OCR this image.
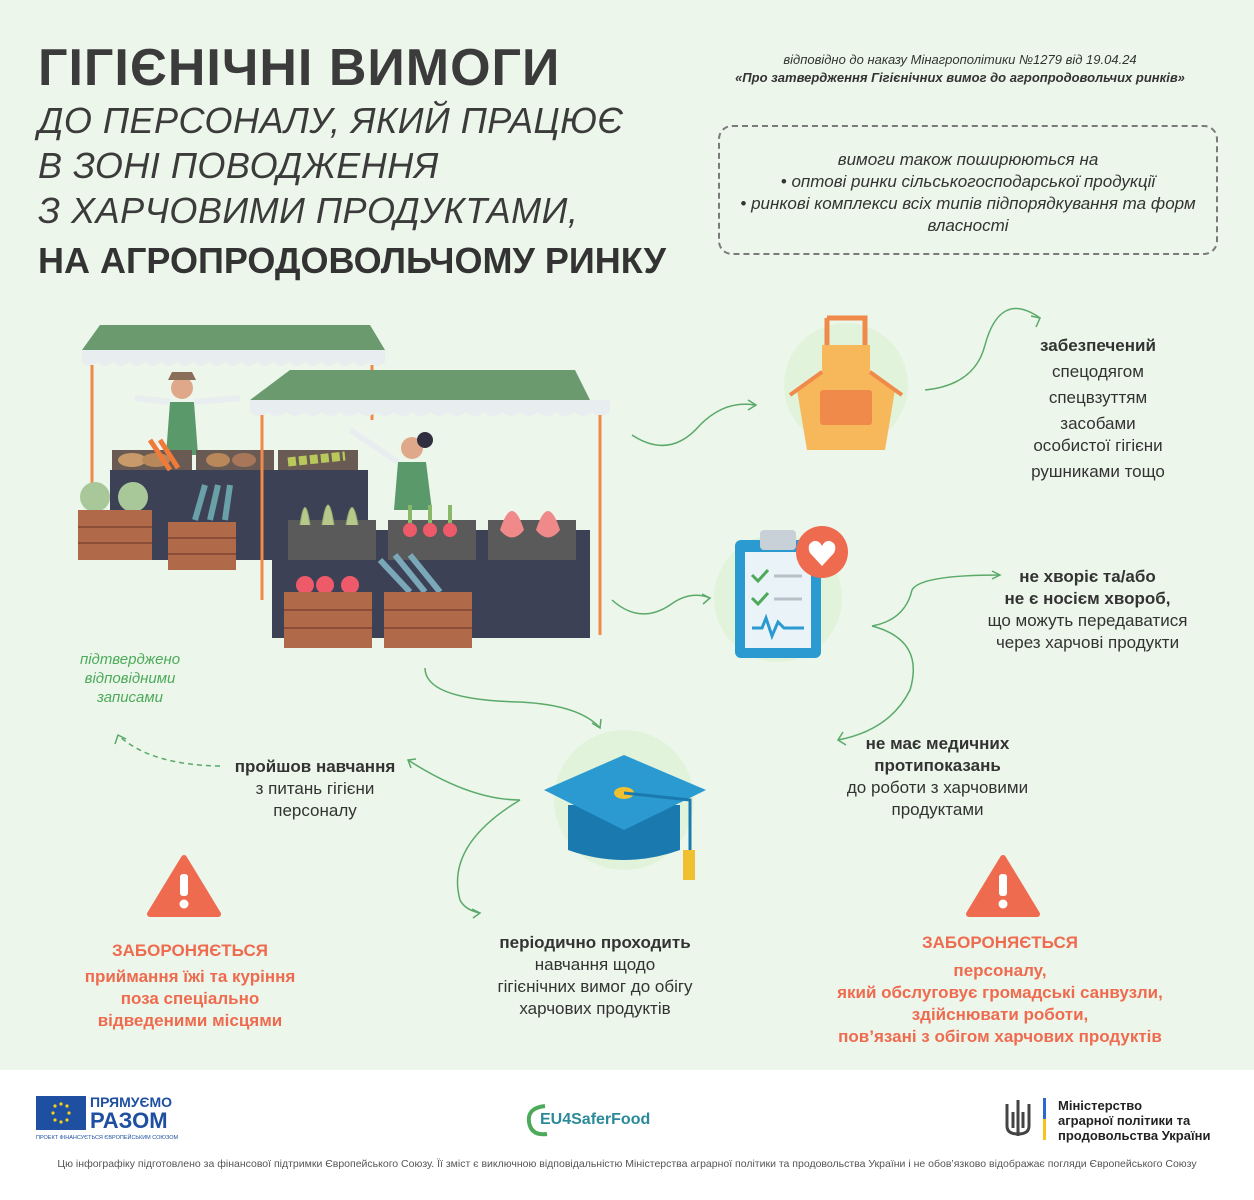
ГІГІЄНІЧНІ ВИМОГИ
ДО ПЕРСОНАЛУ, ЯКИЙ ПРАЦЮЄ
В ЗОНІ ПОВОДЖЕННЯ
З ХАРЧОВИМИ ПРОДУКТАМИ,
НА АГРОПРОДОВОЛЬЧОМУ РИНКУ
відповідно до наказу Мінагрополітики №1279 від 19.04.24
«Про затвердження Гігієнічних вимог до агропродовольчих ринків»
вимоги також поширюються на
• оптові ринки сільськогосподарської продукції
• ринкові комплекси всіх типів підпорядкування та форм власності
забезпечений
спецодягом
спецвзуттям
засобами особистої гігієни
рушниками тощо
не хворіє та/або
не є носієм хвороб,
що можуть передаватися
через харчові продукти
не має медичних
протипоказань
до роботи з харчовими
продуктами
пройшов навчання
з питань гігієни
персоналу
підтверджено
відповідними
записами
періодично проходить
навчання щодо
гігієнічних вимог до обігу
харчових продуктів
ЗАБОРОНЯЄТЬСЯ
приймання їжі та куріння
поза спеціально
відведеними місцями
ЗАБОРОНЯЄТЬСЯ
персоналу,
який обслуговує громадські санвузли,
здійснювати роботи,
пов’язані з обігом харчових продуктів
ПРЯМУЄМО
РАЗОМ
ПРОЕКТ ФІНАНСУЄТЬСЯ ЄВРОПЕЙСЬКИМ СОЮЗОМ
EU4SaferFood
Міністерство
аграрної політики та
продовольства України
Цю інфографіку підготовлено за фінансової підтримки Європейського Союзу. Її зміст є виключною відповідальністю Міністерства аграрної політики та продовольства України і не обов’язково відображає погляди Європейського Союзу
